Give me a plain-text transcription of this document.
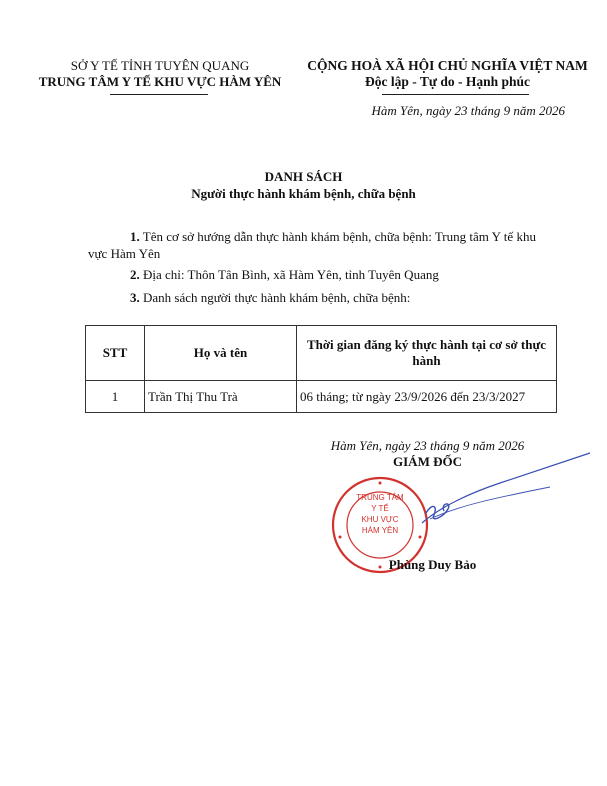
SỞ Y TẾ TỈNH TUYÊN QUANG
TRUNG TÂM Y TẾ KHU VỰC HÀM YÊN
CỘNG HOÀ XÃ HỘI CHỦ NGHĨA VIỆT NAM
Độc lập - Tự do - Hạnh phúc
Hàm Yên, ngày 23 tháng 9 năm 2026
DANH SÁCH
Người thực hành khám bệnh, chữa bệnh
1. Tên cơ sở hướng dẫn thực hành khám bệnh, chữa bệnh: Trung tâm Y tế khu vực Hàm Yên
2. Địa chỉ: Thôn Tân Bình, xã Hàm Yên, tỉnh Tuyên Quang
3. Danh sách người thực hành khám bệnh, chữa bệnh:
STT	Họ và tên	Thời gian đăng ký thực hành tại cơ sở thực hành
1	Trần Thị Thu Trà	06 tháng; từ ngày 23/9/2026 đến 23/3/2027
Hàm Yên, ngày 23 tháng 9 năm 2026
GIÁM ĐỐC
TRUNG TÂM
Y TẾ
KHU VỰC
HÀM YÊN
Phùng Duy Bảo
